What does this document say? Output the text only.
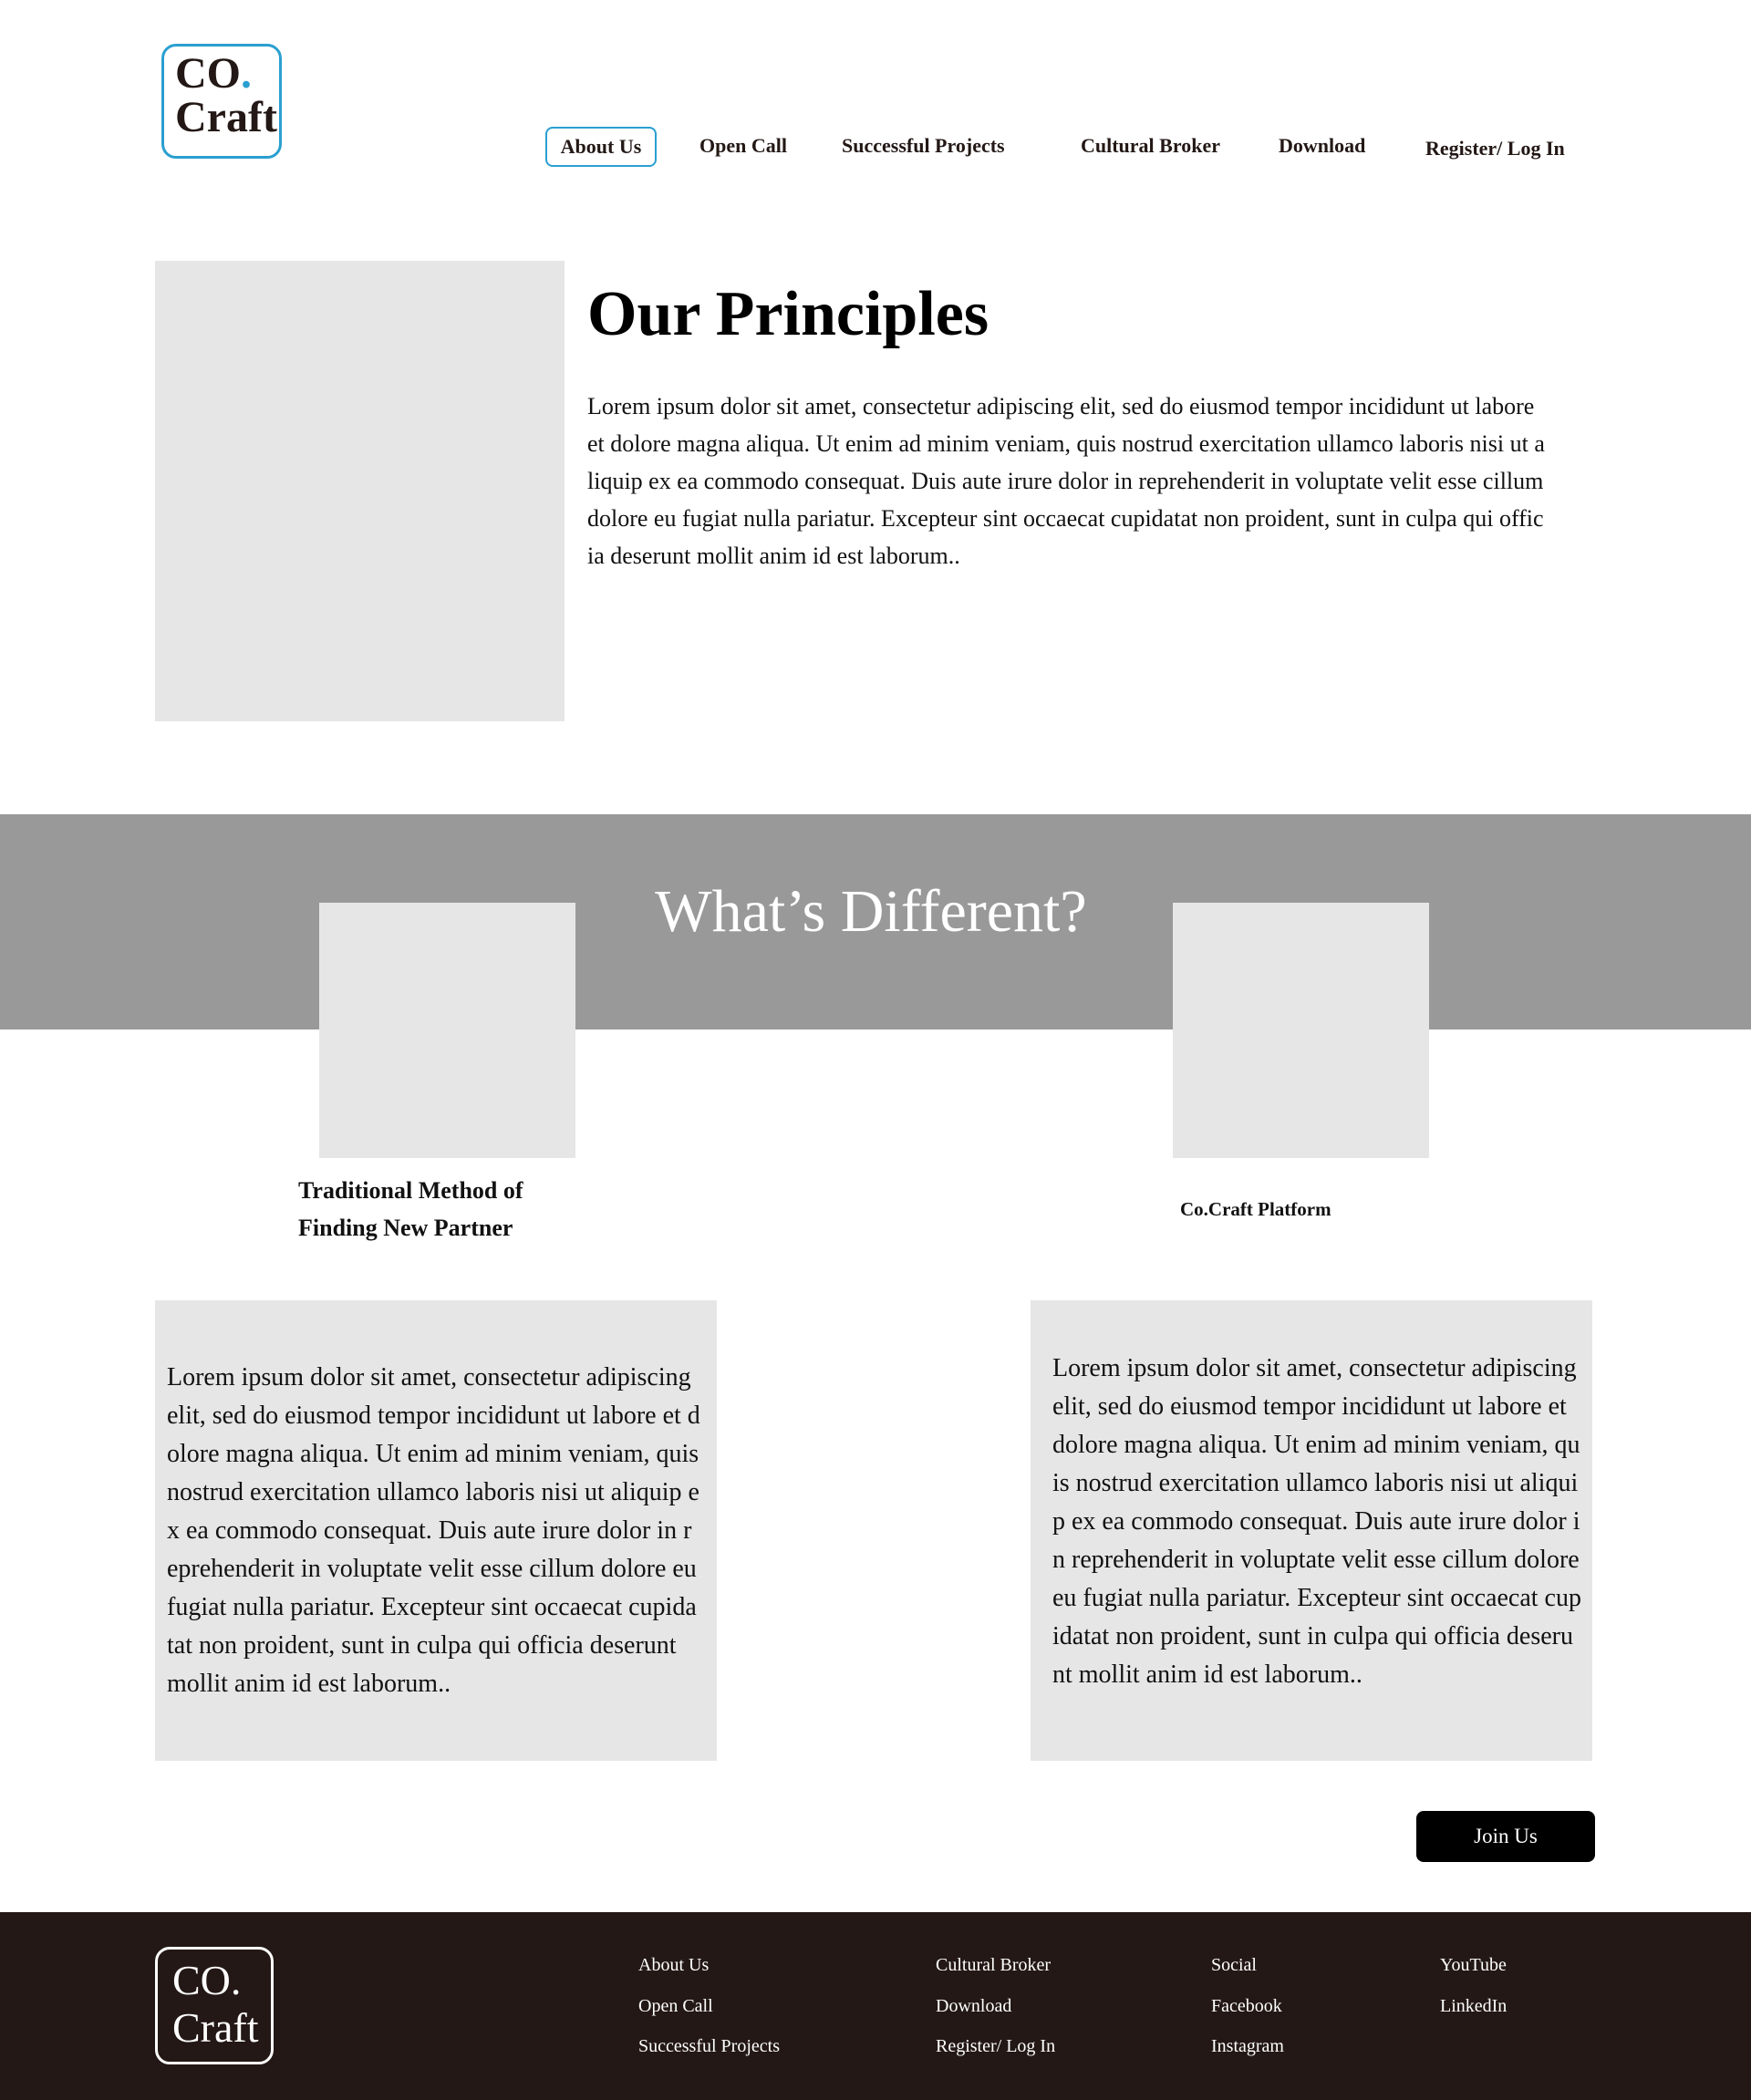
CO.
Craft
About Us	Open Call	Successful Projects	Cultural Broker	Download	Register/ Log In
Our Principles

Lorem ipsum dolor sit amet, consectetur adipiscing elit, sed do eiusmod tempor incididunt ut labore et dolore magna aliqua. Ut enim ad minim veniam, quis nostrud exercitation ullamco laboris nisi ut aliquip ex ea commodo consequat. Duis aute irure dolor in reprehenderit in voluptate velit esse cillum dolore eu fugiat nulla pariatur. Excepteur sint occaecat cupidatat non proident, sunt in culpa qui officia deserunt mollit anim id est laborum..

What’s Different?
Traditional Method of Finding New Partner
Co.Craft Platform
Lorem ipsum dolor sit amet, consectetur adipiscing elit, sed do eiusmod tempor incididunt ut labore et dolore magna aliqua. Ut enim ad minim veniam, quis nostrud exercitation ullamco laboris nisi ut aliquip ex ea commodo consequat. Duis aute irure dolor in reprehenderit in voluptate velit esse cillum dolore eu fugiat nulla pariatur. Excepteur sint occaecat cupidatat non proident, sunt in culpa qui officia deserunt mollit anim id est laborum..
Lorem ipsum dolor sit amet, consectetur adipiscing elit, sed do eiusmod tempor incididunt ut labore et dolore magna aliqua. Ut enim ad minim veniam, quis nostrud exercitation ullamco laboris nisi ut aliquip ex ea commodo consequat. Duis aute irure dolor in reprehenderit in voluptate velit esse cillum dolore eu fugiat nulla pariatur. Excepteur sint occaecat cupidatat non proident, sunt in culpa qui officia deserunt mollit anim id est laborum..
Join Us
CO.
Craft
About Us
Open Call
Successful Projects
Cultural Broker
Download
Register/ Log In
Social
Facebook
Instagram
YouTube
LinkedIn
